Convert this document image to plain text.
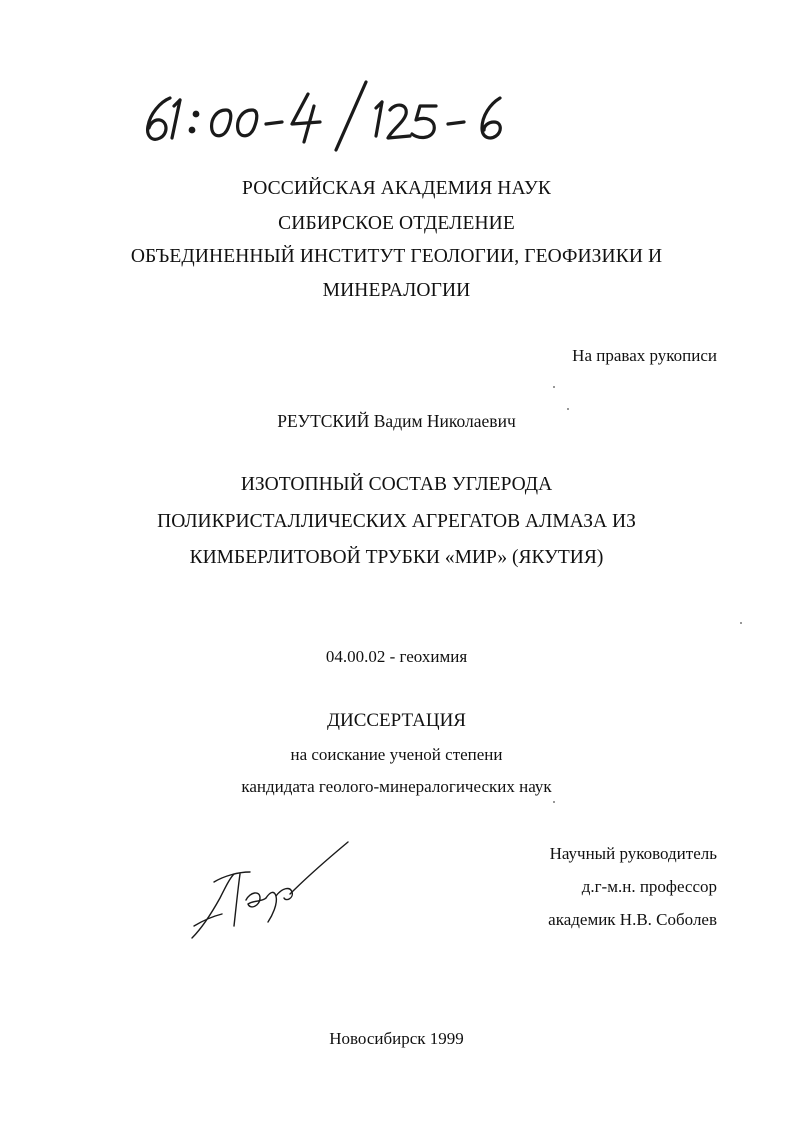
РОССИЙСКАЯ АКАДЕМИЯ НАУК
СИБИРСКОЕ ОТДЕЛЕНИЕ
ОБЪЕДИНЕННЫЙ ИНСТИТУТ ГЕОЛОГИИ, ГЕОФИЗИКИ И
МИНЕРАЛОГИИ
На правах рукописи
РЕУТСКИЙ Вадим Николаевич
ИЗОТОПНЫЙ СОСТАВ УГЛЕРОДА
ПОЛИКРИСТАЛЛИЧЕСКИХ АГРЕГАТОВ АЛМАЗА ИЗ
КИМБЕРЛИТОВОЙ ТРУБКИ «МИР» (ЯКУТИЯ)
04.00.02 - геохимия
ДИССЕРТАЦИЯ
на соискание ученой степени
кандидата геолого-минералогических наук
Научный руководитель
д.г-м.н. профессор
академик Н.В. Соболев
Новосибирск 1999
